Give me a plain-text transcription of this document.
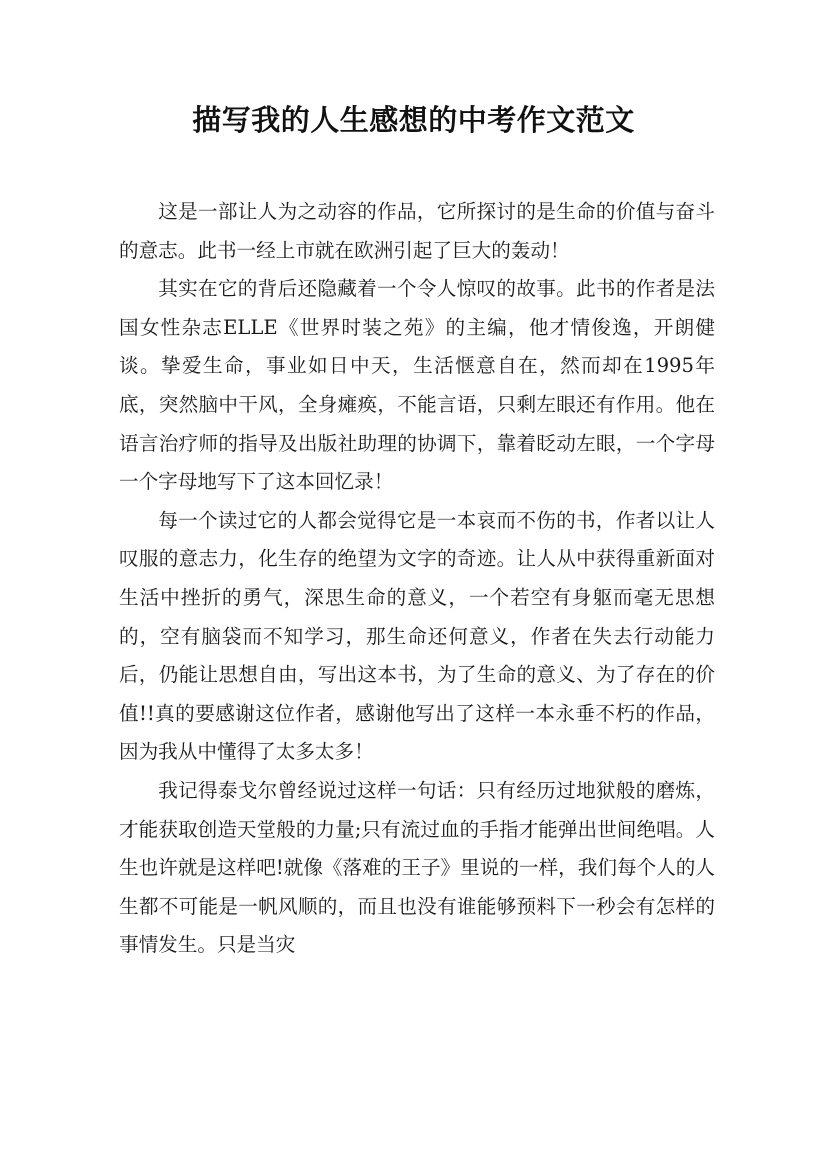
描写我的人生感想的中考作文范文

这是一部让人为之动容的作品，它所探讨的是生命的价值与奋斗的意志。此书一经上市就在欧洲引起了巨大的轰动！

其实在它的背后还隐藏着一个令人惊叹的故事。此书的作者是法国女性杂志ELLE《世界时装之苑》的主编，他才情俊逸，开朗健谈。挚爱生命，事业如日中天，生活惬意自在，然而却在1995年底，突然脑中干风，全身瘫痪，不能言语，只剩左眼还有作用。他在语言治疗师的指导及出版社助理的协调下，靠着眨动左眼，一个字母一个字母地写下了这本回忆录！

每一个读过它的人都会觉得它是一本哀而不伤的书，作者以让人叹服的意志力，化生存的绝望为文字的奇迹。让人从中获得重新面对生活中挫折的勇气，深思生命的意义，一个若空有身躯而毫无思想的，空有脑袋而不知学习，那生命还何意义，作者在失去行动能力后，仍能让思想自由，写出这本书，为了生命的意义、为了存在的价值!!真的要感谢这位作者，感谢他写出了这样一本永垂不朽的作品，因为我从中懂得了太多太多！

我记得泰戈尔曾经说过这样一句话：只有经历过地狱般的磨炼，才能获取创造天堂般的力量;只有流过血的手指才能弹出世间绝唱。人生也许就是这样吧!就像《落难的王子》里说的一样，我们每个人的人生都不可能是一帆风顺的，而且也没有谁能够预料下一秒会有怎样的事情发生。只是当灾
